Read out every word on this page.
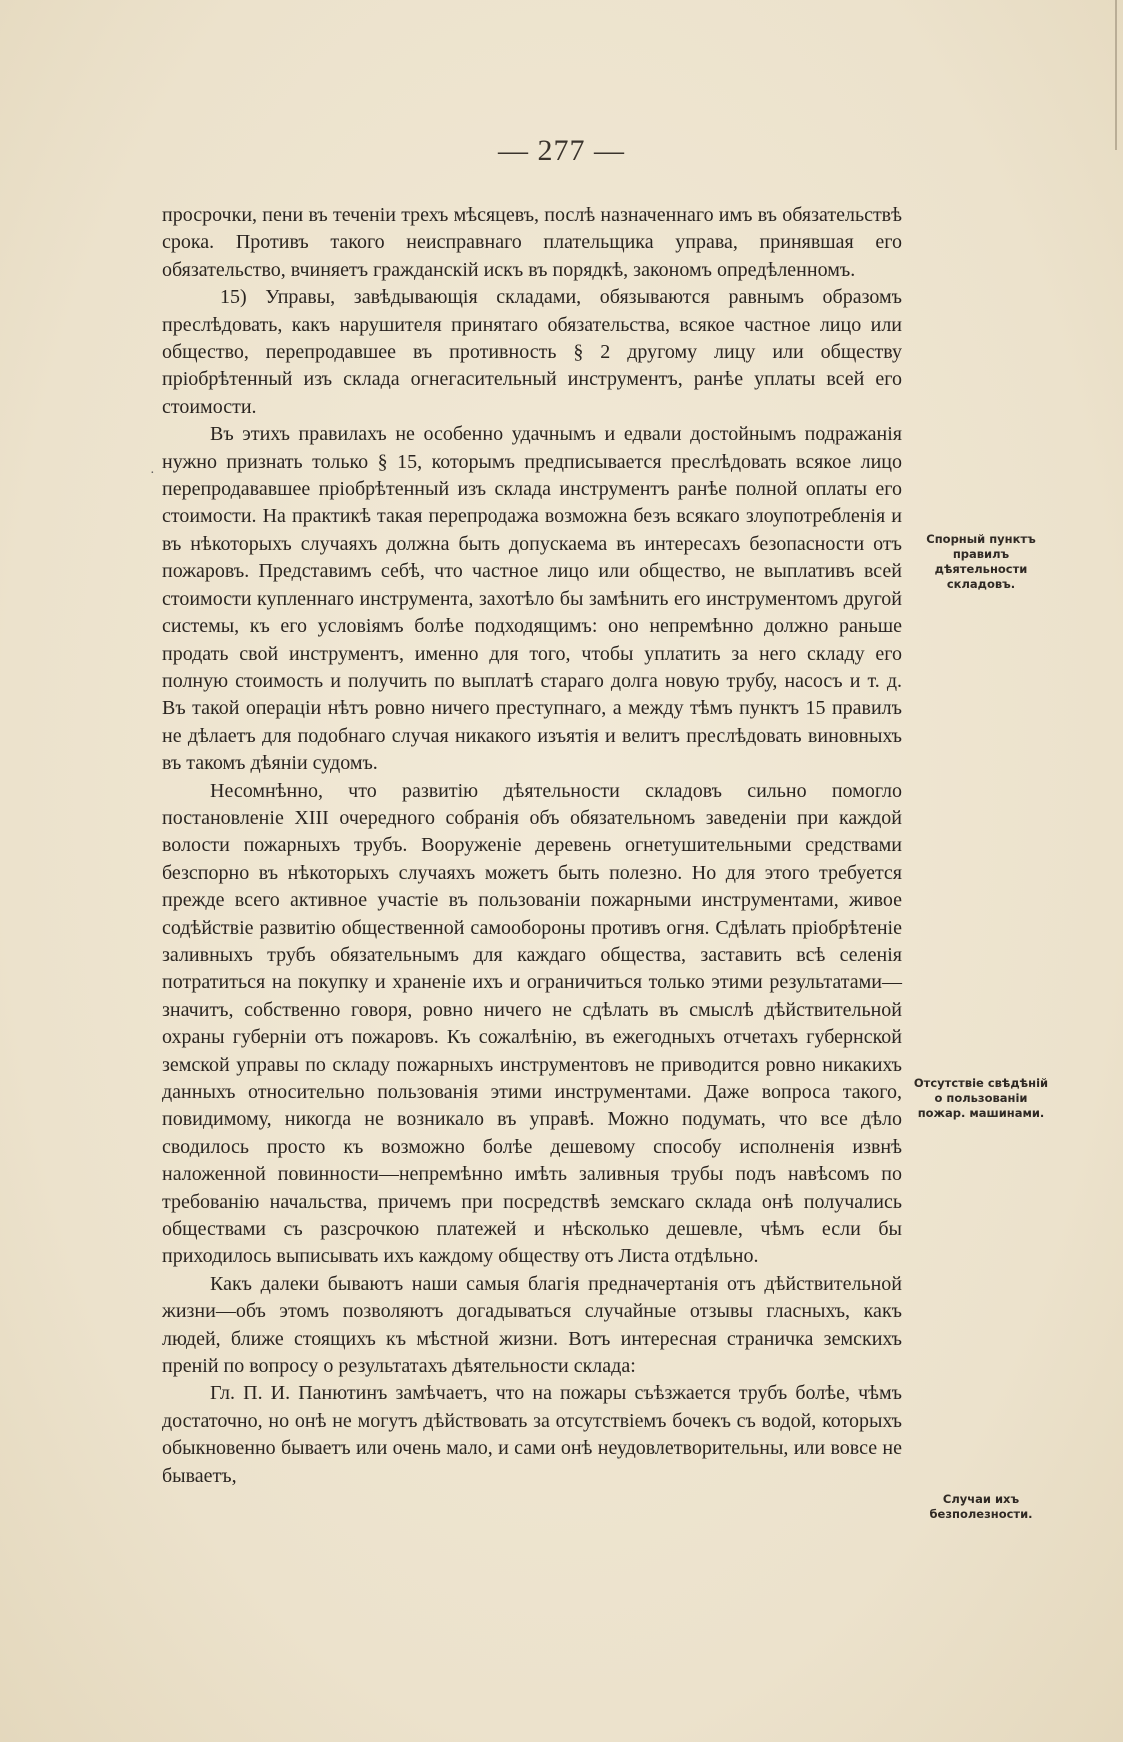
— 277 —
·

просрочки, пени въ теченіи трехъ мѣсяцевъ, послѣ назначеннаго имъ въ обязательствѣ срока. Противъ такого неисправнаго плательщика управа, принявшая его обязательство, вчиняетъ гражданскій искъ въ порядкѣ, закономъ опредѣленномъ.

15) Управы, завѣдывающія складами, обязываются равнымъ образомъ преслѣдовать, какъ нарушителя принятаго обязательства, всякое частное лицо или общество, перепродавшее въ противность § 2 другому лицу или обществу пріобрѣтенный изъ склада огнегасительный инструментъ, ранѣе уплаты всей его стоимости.

Въ этихъ правилахъ не особенно удачнымъ и едвали достойнымъ подражанія нужно признать только § 15, которымъ предписывается преслѣдовать всякое лицо перепродававшее пріобрѣтенный изъ склада инструментъ ранѣе полной оплаты его стоимости. На практикѣ такая перепродажа возможна безъ всякаго злоупотребленія и въ нѣкоторыхъ случаяхъ должна быть допускаема въ интересахъ безопасности отъ пожаровъ. Представимъ себѣ, что частное лицо или общество, не выплативъ всей стоимости купленнаго инструмента, захотѣло бы замѣнить его инструментомъ другой системы, къ его условіямъ болѣе подходящимъ: оно непремѣнно должно раньше продать свой инструментъ, именно для того, чтобы уплатить за него складу его полную стоимость и получить по выплатѣ стараго долга новую трубу, насосъ и т. д. Въ такой операціи нѣтъ ровно ничего преступнаго, а между тѣмъ пунктъ 15 правилъ не дѣлаетъ для подобнаго случая никакого изъятія и велитъ преслѣдовать виновныхъ въ такомъ дѣяніи судомъ.

Несомнѣнно, что развитію дѣятельности складовъ сильно помогло постановленіе XIII очередного собранія объ обязательномъ заведеніи при каждой волости пожарныхъ трубъ. Вооруженіе деревень огнетушительными средствами безспорно въ нѣкоторыхъ случаяхъ можетъ быть полезно. Но для этого требуется прежде всего активное участіе въ пользованіи пожарными инструментами, живое содѣйствіе развитію общественной самообороны противъ огня. Сдѣлать пріобрѣтеніе заливныхъ трубъ обязательнымъ для каждаго общества, заставить всѣ селенія потратиться на покупку и храненіе ихъ и ограничиться только этими результатами—значитъ, собственно говоря, ровно ничего не сдѣлать въ смыслѣ дѣйствительной охраны губерніи отъ пожаровъ. Къ сожалѣнію, въ ежегодныхъ отчетахъ губернской земской управы по складу пожарныхъ инструментовъ не приводится ровно никакихъ данныхъ относительно пользованія этими инструментами. Даже вопроса такого, повидимому, никогда не возникало въ управѣ. Можно подумать, что все дѣло сводилось просто къ возможно болѣе дешевому способу исполненія извнѣ наложенной повинности—непремѣнно имѣть заливныя трубы подъ навѣсомъ по требованію начальства, причемъ при посредствѣ земскаго склада онѣ получались обществами съ разсрочкою платежей и нѣсколько дешевле, чѣмъ если бы приходилось выписывать ихъ каждому обществу отъ Листа отдѣльно.

Какъ далеки бываютъ наши самыя благія предначертанія отъ дѣйствительной жизни—объ этомъ позволяютъ догадываться случайные отзывы гласныхъ, какъ людей, ближе стоящихъ къ мѣстной жизни. Вотъ интересная страничка земскихъ преній по вопросу о результатахъ дѣятельности склада:

Гл. П. И. Панютинъ замѣчаетъ, что на пожары съѣзжается трубъ болѣе, чѣмъ достаточно, но онѣ не могутъ дѣйствовать за отсутствіемъ бочекъ съ водой, которыхъ обыкновенно бываетъ или очень мало, и сами онѣ неудовлетворительны, или вовсе не бываетъ,

Спорный пунктъ правилъ дѣятельности складовъ.
Отсутствіе свѣдѣній о пользованіи пожар. машинами.
Случаи ихъ безполезности.
